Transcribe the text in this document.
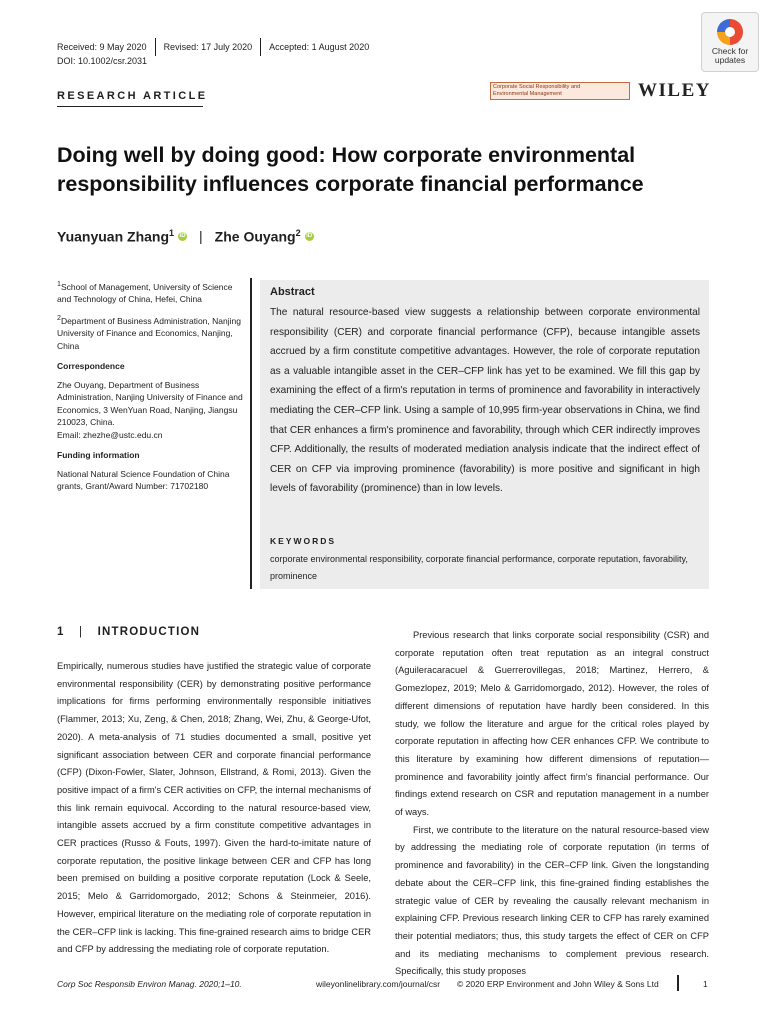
Received: 9 May 2020 Revised: 17 July 2020 Accepted: 1 August 2020
DOI: 10.1002/csr.2031
RESEARCH ARTICLE
Check for
updates
Corporate Social Responsibility and
Environmental Management	WILEY
Doing well by doing good: How corporate environmental responsibility influences corporate financial performance
Yuanyuan Zhang$^1$ iD | Zhe Ouyang$^2$ iD

$^1$School of Management, University of Science and Technology of China, Hefei, China

$^2$Department of Business Administration, Nanjing University of Finance and Economics, Nanjing, China

Correspondence

Zhe Ouyang, Department of Business Administration, Nanjing University of Finance and Economics, 3 WenYuan Road, Nanjing, Jiangsu 210023, China.

Email: zhezhe@ustc.edu.cn

Funding information

National Natural Science Foundation of China grants, Grant/Award Number: 71702180

Abstract
The natural resource-based view suggests a relationship between corporate environmental responsibility (CER) and corporate financial performance (CFP), because intangible assets accrued by a firm constitute competitive advantages. However, the role of corporate reputation as a valuable intangible asset in the CER–CFP link has yet to be examined. We fill this gap by examining the effect of a firm's reputation in terms of prominence and favorability in interactively mediating the CER–CFP link. Using a sample of 10,995 firm-year observations in China, we find that CER enhances a firm's prominence and favorability, through which CER indirectly improves CFP. Additionally, the results of moderated mediation analysis indicate that the indirect effect of CER on CFP via improving prominence (favorability) is more positive and significant in high levels of favorability (prominence) than in low levels.
KEYWORDS
corporate environmental responsibility, corporate financial performance, corporate reputation, favorability, prominence
1 | INTRODUCTION

Empirically, numerous studies have justified the strategic value of corporate environmental responsibility (CER) by demonstrating positive performance implications for firms performing environmentally responsible initiatives (Flammer, 2013; Xu, Zeng, & Chen, 2018; Zhang, Wei, Zhu, & George-Ufot, 2020). A meta-analysis of 71 studies documented a small, positive yet significant association between CER and corporate financial performance (CFP) (Dixon-Fowler, Slater, Johnson, Ellstrand, & Romi, 2013). Given the positive impact of a firm's CER activities on CFP, the internal mechanisms of this link remain equivocal. According to the natural resource-based view, intangible assets accrued by a firm constitute competitive advantages in CER practices (Russo & Fouts, 1997). Given the hard-to-imitate nature of corporate reputation, the positive linkage between CER and CFP has long been premised on building a positive corporate reputation (Lock & Seele, 2015; Melo & Garridomorgado, 2012; Schons & Steinmeier, 2016). However, empirical literature on the mediating role of corporate reputation in the CER–CFP link is lacking. This fine-grained research aims to bridge CER and CFP by addressing the mediating role of corporate reputation.

Previous research that links corporate social responsibility (CSR) and corporate reputation often treat reputation as an integral construct (Aguileracaracuel & Guerrerovillegas, 2018; Martinez, Herrero, & Gomezlopez, 2019; Melo & Garridomorgado, 2012). However, the roles of different dimensions of reputation have hardly been considered. In this study, we follow the literature and argue for the critical roles played by corporate reputation in affecting how CER enhances CFP. We contribute to this literature by examining how different dimensions of reputation—prominence and favorability jointly affect firm's financial performance. Our findings extend research on CSR and reputation management in a number of ways.

First, we contribute to the literature on the natural resource-based view by addressing the mediating role of corporate reputation (in terms of prominence and favorability) in the CER–CFP link. Given the longstanding debate about the CER–CFP link, this fine-grained finding establishes the strategic value of CER by revealing the causally relevant mechanism in explaining CFP. Previous research linking CER to CFP has rarely examined their potential mediators; thus, this study targets the effect of CER on CFP and its mediating mechanisms to complement previous research. Specifically, this study proposes

Corp Soc Responsib Environ Manag. 2020;1–10.	wileyonlinelibrary.com/journal/csr © 2020 ERP Environment and John Wiley & Sons Ltd	1
